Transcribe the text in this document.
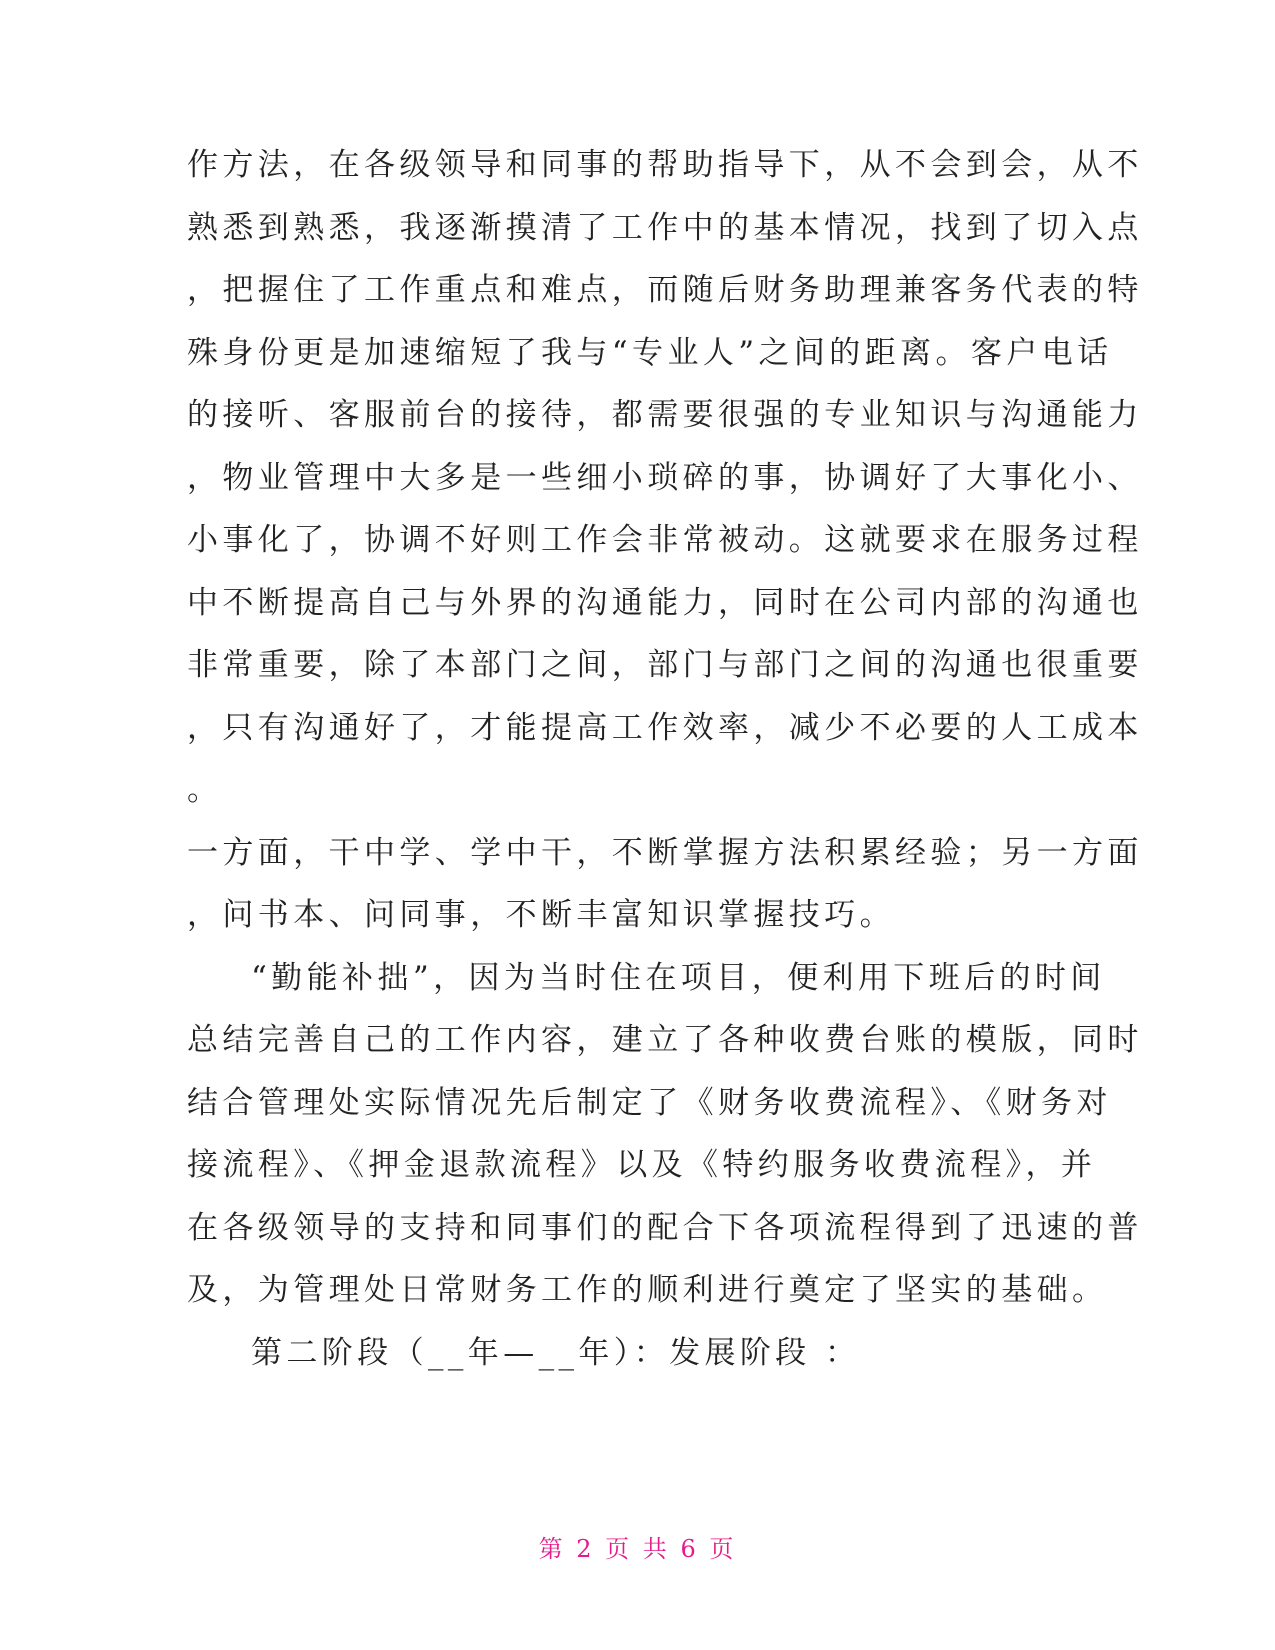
作方法，在各级领导和同事的帮助指导下，从不会到会，从不
熟悉到熟悉，我逐渐摸清了工作中的基本情况，找到了切入点
，把握住了工作重点和难点，而随后财务助理兼客务代表的特
殊身份更是加速缩短了我与“专业人”之间的距离。客户电话
的接听、客服前台的接待，都需要很强的专业知识与沟通能力
，物业管理中大多是一些细小琐碎的事，协调好了大事化小、
小事化了，协调不好则工作会非常被动。这就要求在服务过程
中不断提高自己与外界的沟通能力，同时在公司内部的沟通也
非常重要，除了本部门之间，部门与部门之间的沟通也很重要
，只有沟通好了，才能提高工作效率，减少不必要的人工成本
。
一方面，干中学、学中干，不断掌握方法积累经验；另一方面
，问书本、问同事，不断丰富知识掌握技巧。
“勤能补拙”，因为当时住在项目，便利用下班后的时间
总结完善自己的工作内容，建立了各种收费台账的模版，同时
结合管理处实际情况先后制定了《财务收费流程》、《财务对
接流程》、《押金退款流程》以及《特约服务收费流程》，并
在各级领导的支持和同事们的配合下各项流程得到了迅速的普
及，为管理处日常财务工作的顺利进行奠定了坚实的基础。
第二阶段（__年—__年）：发展阶段 ：
第 2 页 共 6 页
